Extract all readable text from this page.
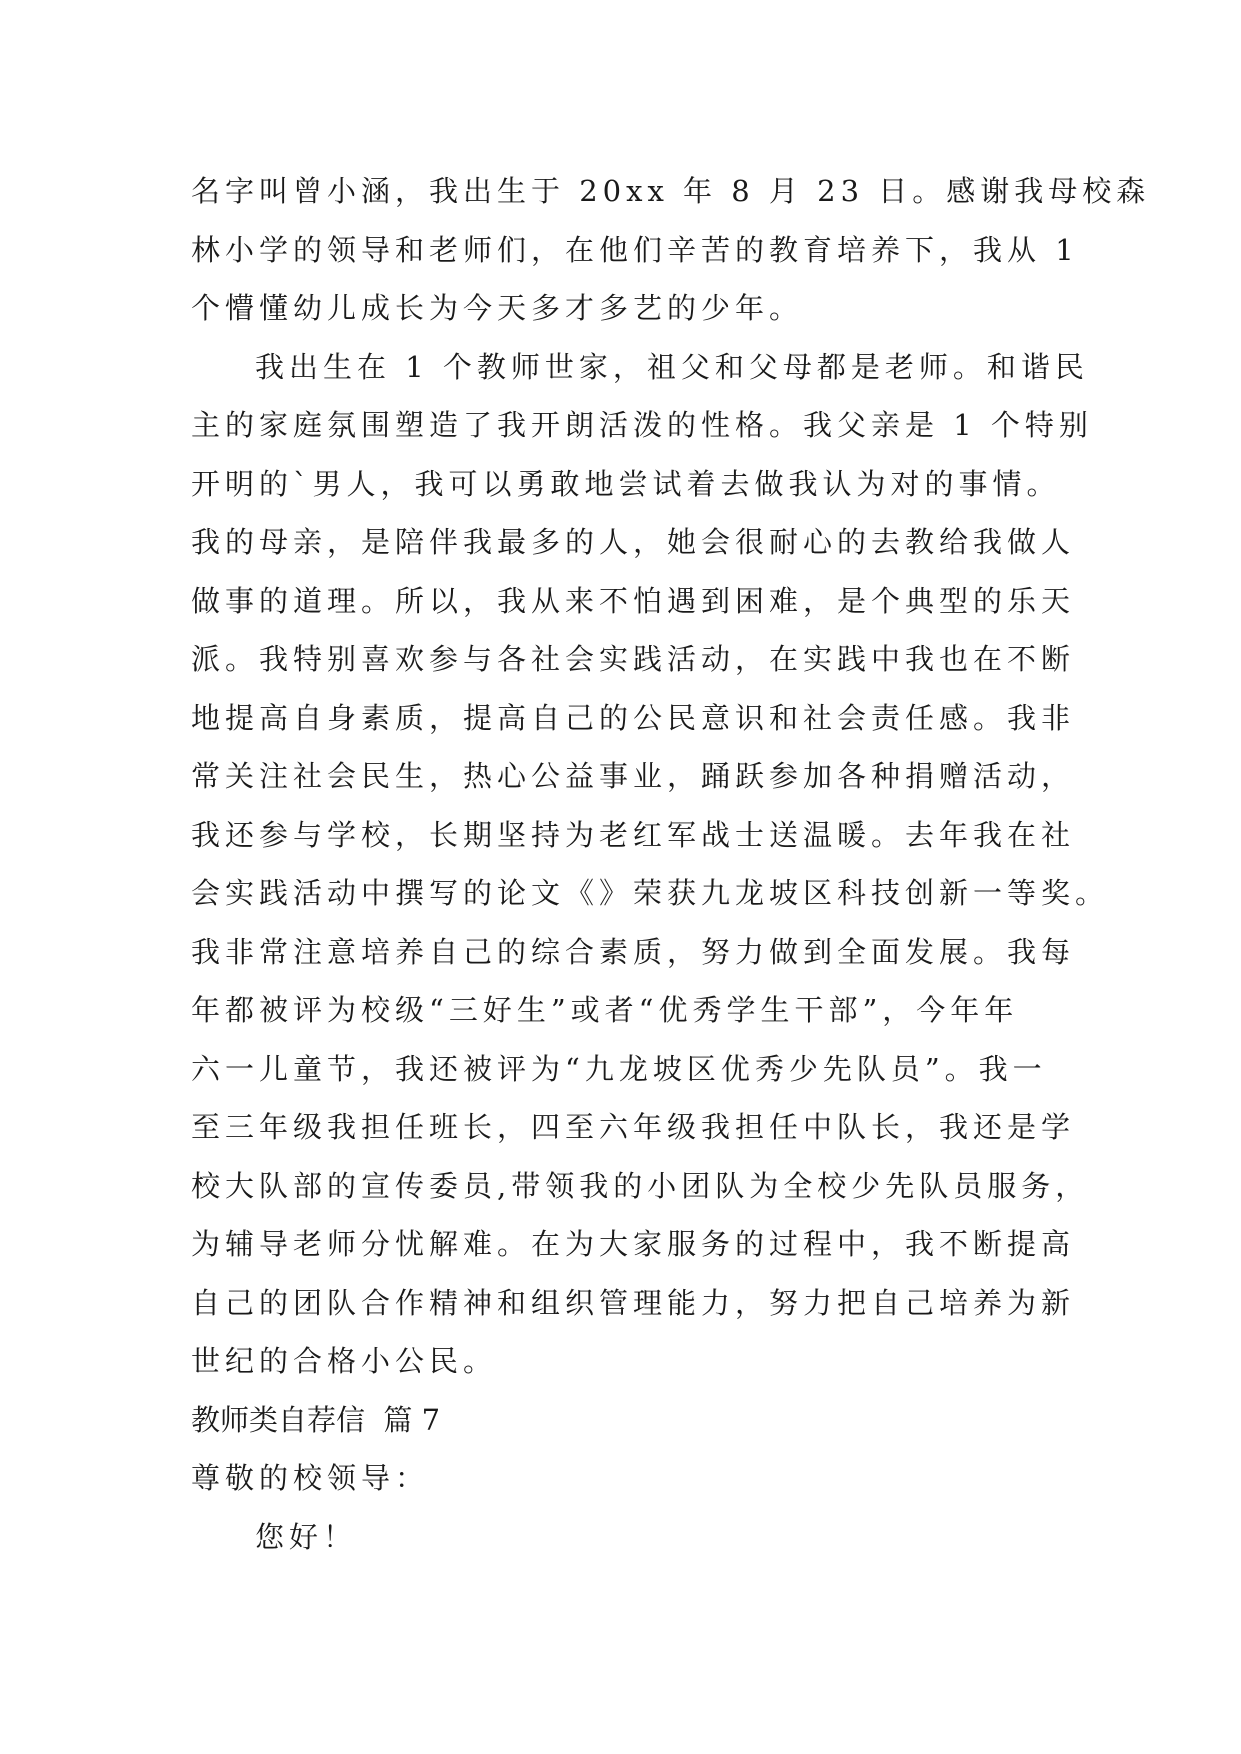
名字叫曾小涵，我出生于 20xx 年 8 月 23 日。感谢我母校森
林小学的领导和老师们，在他们辛苦的教育培养下，我从 1
个懵懂幼儿成长为今天多才多艺的少年。
我出生在 1 个教师世家，祖父和父母都是老师。和谐民
主的家庭氛围塑造了我开朗活泼的性格。我父亲是 1 个特别
开明的`男人，我可以勇敢地尝试着去做我认为对的事情。
我的母亲，是陪伴我最多的人，她会很耐心的去教给我做人
做事的道理。所以，我从来不怕遇到困难，是个典型的乐天
派。我特别喜欢参与各社会实践活动，在实践中我也在不断
地提高自身素质，提高自己的公民意识和社会责任感。我非
常关注社会民生，热心公益事业，踊跃参加各种捐赠活动，
我还参与学校，长期坚持为老红军战士送温暖。去年我在社
会实践活动中撰写的论文《》荣获九龙坡区科技创新一等奖。
我非常注意培养自己的综合素质，努力做到全面发展。我每
年都被评为校级“三好生”或者“优秀学生干部”，今年年
六一儿童节，我还被评为“九龙坡区优秀少先队员”。我一
至三年级我担任班长，四至六年级我担任中队长，我还是学
校大队部的宣传委员,带领我的小团队为全校少先队员服务，
为辅导老师分忧解难。在为大家服务的过程中，我不断提高
自己的团队合作精神和组织管理能力，努力把自己培养为新
世纪的合格小公民。
教师类自荐信  篇 7
尊敬的校领导：
您好！
